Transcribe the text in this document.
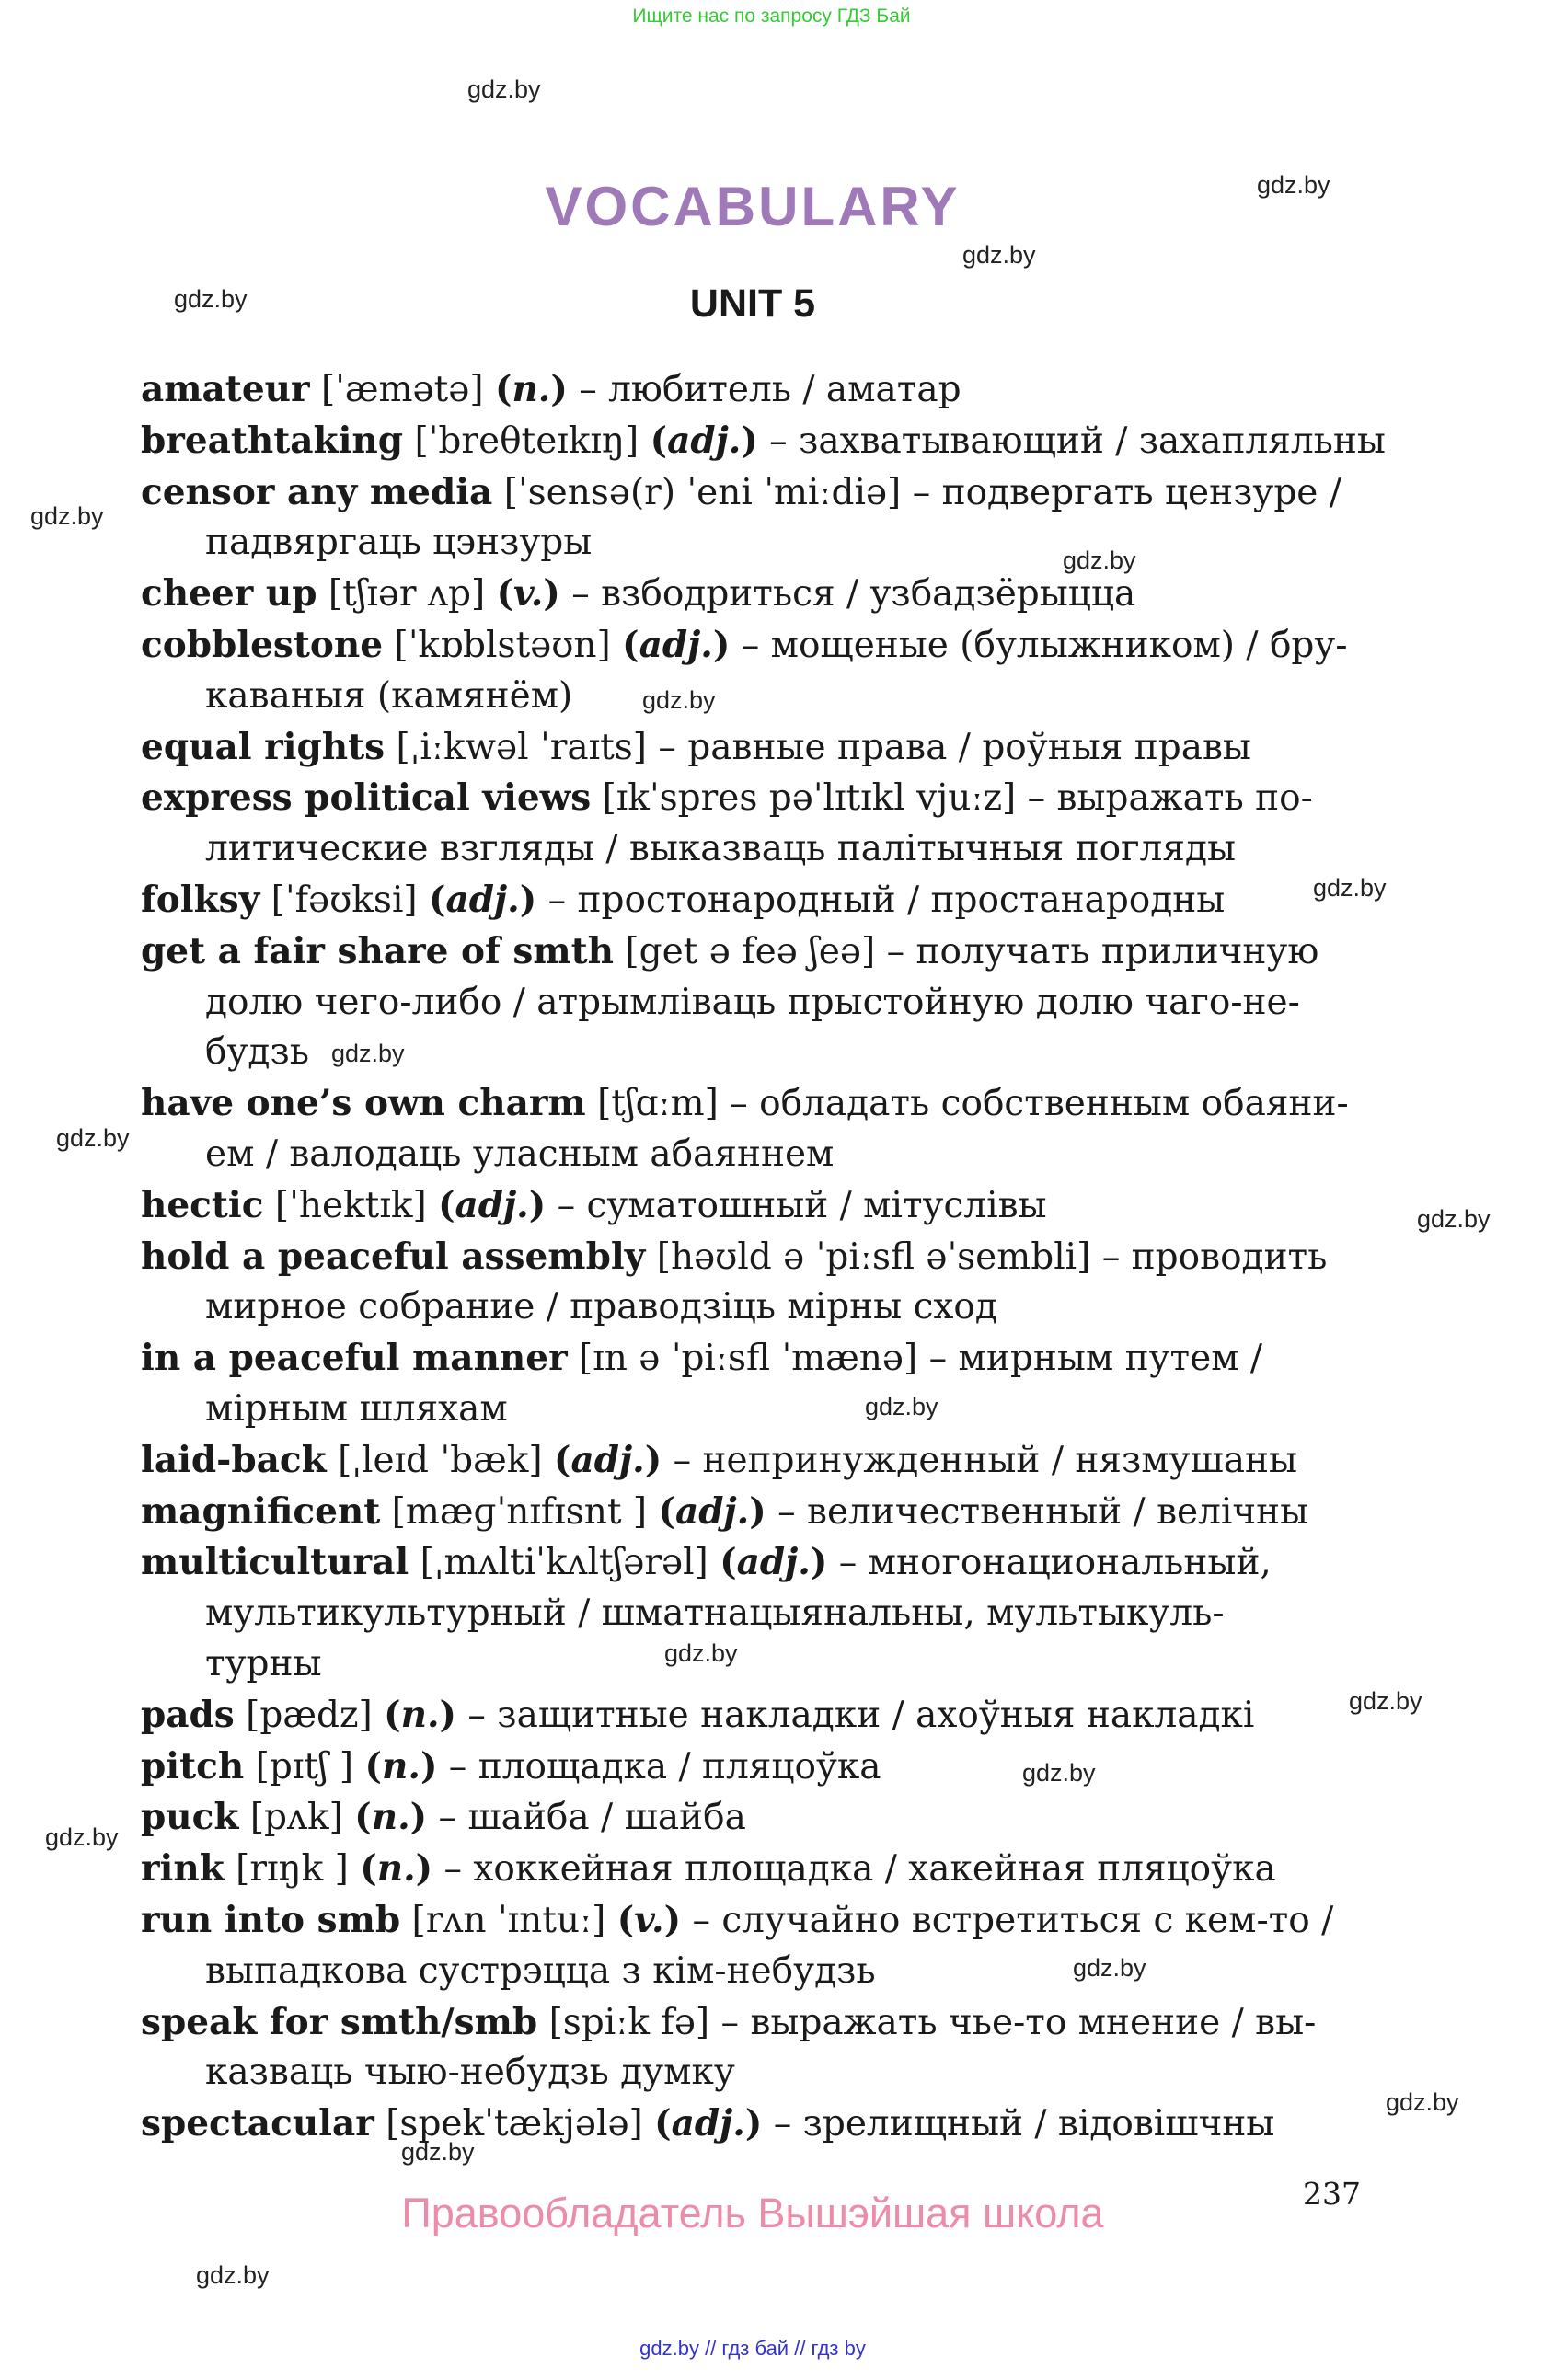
Ищите нас по запросу ГДЗ Бай
gdz.by
gdz.by
gdz.by
gdz.by
gdz.by
gdz.by
gdz.by
gdz.by
gdz.by
gdz.by
gdz.by
gdz.by
gdz.by
gdz.by
gdz.by
gdz.by
gdz.by
gdz.by
gdz.by
gdz.by
VOCABULARY
UNIT 5
amateur [ˈæmətə] (n.) – любитель / аматар
breathtaking [ˈbreθteɪkɪŋ] (adj.) – захватывающий / захапляльны
censor any media [ˈsensə(r) ˈeni ˈmiːdiə] – подвергать цензуре /
падвяргаць цэнзуры
cheer up [tʃɪər ʌp] (v.) – взбодриться / узбадзёрыцца
cobblestone [ˈkɒblstəʊn] (adj.) – мощеные (булыжником) / бру-
каваныя (камянём)
equal rights [ˌiːkwəl ˈraɪts] – равные права / роўныя правы
express political views [ɪkˈspres pəˈlɪtɪkl vjuːz] – выражать по-
литические взгляды / выказваць палітычныя погляды
folksy [ˈfəʊksi] (adj.) – простонародный / простанародны
get a fair share of smth [get ə feə ʃeə] – получать приличную
долю чего-либо / атрымліваць прыстойную долю чаго-не-
будзь
have one’s own charm [tʃɑːm] – обладать собственным обаяни-
ем / валодаць уласным абаяннем
hectic [ˈhektɪk] (adj.) – суматошный / мітуслівы
hold a peaceful assembly [həʊld ə ˈpiːsfl əˈsembli] – проводить
мирное собрание / праводзіць мірны сход
in a peaceful manner [ɪn ə ˈpiːsfl ˈmænə] – мирным путем /
мірным шляхам
laid-back [ˌleɪd ˈbæk] (adj.) – непринужденный / нязмушаны
magnificent [mæɡˈnɪfɪsnt ] (adj.) – величественный / велічны
multicultural [ˌmʌltiˈkʌltʃərəl] (adj.) – многонациональный,
мультикультурный / шматнацыянальны, мультыкуль-
турны
pads [pædz] (n.) – защитные накладки / ахоўныя накладкі
pitch [pɪtʃ ] (n.) – площадка / пляцоўка
puck [pʌk] (n.) – шайба / шайба
rink [rɪŋk ] (n.) – хоккейная площадка / хакейная пляцоўка
run into smb [rʌn ˈɪntuː] (v.) – случайно встретиться с кем-то /
выпадкова сустрэцца з кім-небудзь
speak for smth/smb [spiːk fə] – выражать чье-то мнение / вы-
казваць чыю-небудзь думку
spectacular [spekˈtækjələ] (adj.) – зрелищный / відовішчны
237
Правообладатель Вышэйшая школа
gdz.by // гдз бай // гдз by
